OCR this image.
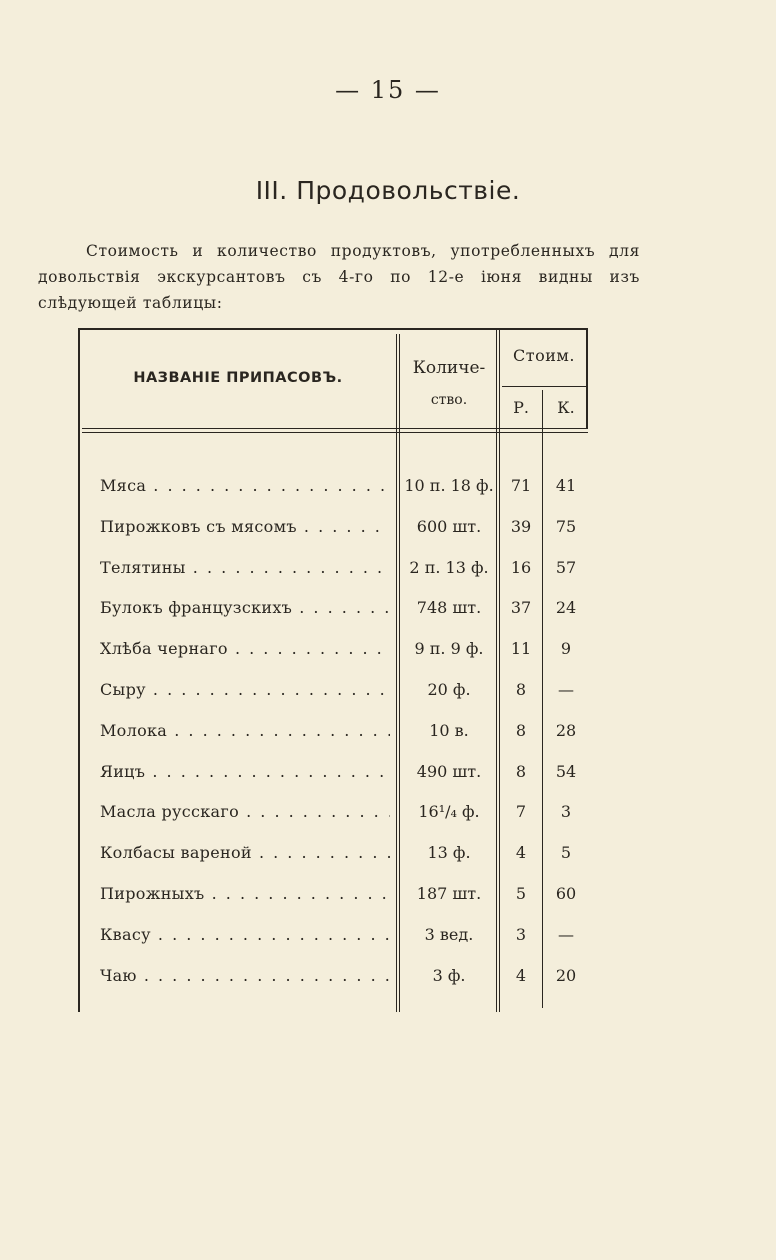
— 15 —
III. Продовольствіе.
Стоимость и количество продуктовъ, употребленныхъ для довольствія экскурсантовъ съ 4-го по 12-е іюня видны изъ слѣдующей таблицы:
НАЗВАНІЕ ПРИПАСОВЪ.	Количе-
ство.
Стоим.
Р.	К.
Мяса . . .	10 п. 18 ф.	71	41
Пирожковъ съ мясомъ . . .	600 шт.	39	75
Телятины . . .	2 п. 13 ф.	16	57
Булокъ французскихъ . . .	748 шт.	37	24
Хлѣба чернаго . . .	9 п. 9 ф.	11	9
Сыру . . .	20 ф.	8	—
Молока . . .	10 в.	8	28
Яицъ . . .	490 шт.	8	54
Масла русскаго . . .	16¹/₄ ф.	7	3
Колбасы вареной . . .	13 ф.	4	5
Пирожныхъ . . .	187 шт.	5	60
Квасу . . .	3 вед.	3	—
Чаю . . .	3 ф.	4	20
